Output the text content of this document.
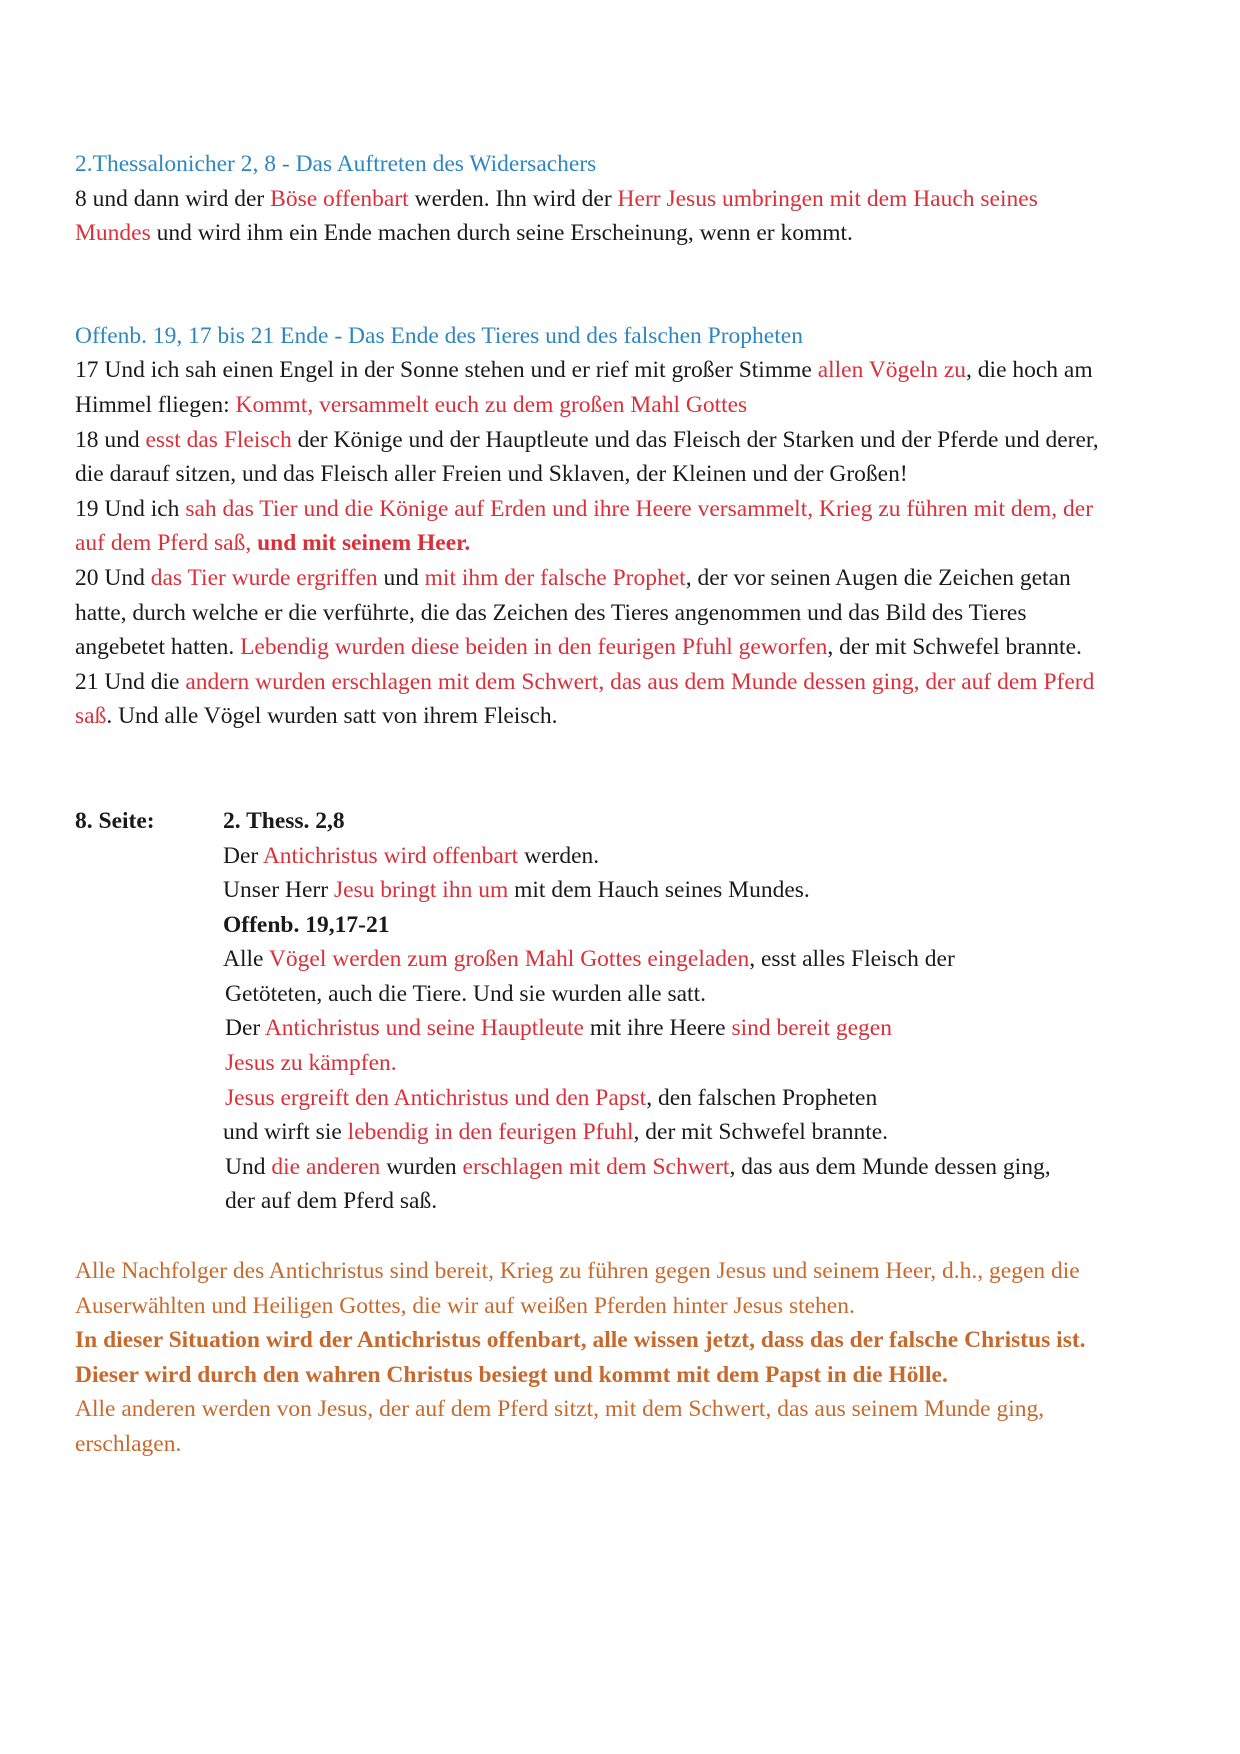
2.Thessalonicher 2, 8 - Das Auftreten des Widersachers
8 und dann wird der Böse offenbart werden. Ihn wird der Herr Jesus umbringen mit dem Hauch seines
Mundes und wird ihm ein Ende machen durch seine Erscheinung, wenn er kommt.
Offenb. 19, 17 bis 21 Ende - Das Ende des Tieres und des falschen Propheten
17 Und ich sah einen Engel in der Sonne stehen und er rief mit großer Stimme allen Vögeln zu, die hoch am
Himmel fliegen: Kommt, versammelt euch zu dem großen Mahl Gottes
18 und esst das Fleisch der Könige und der Hauptleute und das Fleisch der Starken und der Pferde und derer,
die darauf sitzen, und das Fleisch aller Freien und Sklaven, der Kleinen und der Großen!
19 Und ich sah das Tier und die Könige auf Erden und ihre Heere versammelt, Krieg zu führen mit dem, der
auf dem Pferd saß, und mit seinem Heer.
20 Und das Tier wurde ergriffen und mit ihm der falsche Prophet, der vor seinen Augen die Zeichen getan
hatte, durch welche er die verführte, die das Zeichen des Tieres angenommen und das Bild des Tieres
angebetet hatten. Lebendig wurden diese beiden in den feurigen Pfuhl geworfen, der mit Schwefel brannte.
21 Und die andern wurden erschlagen mit dem Schwert, das aus dem Munde dessen ging, der auf dem Pferd
saß. Und alle Vögel wurden satt von ihrem Fleisch.
8. Seite:	2. Thess. 2,8
Der Antichristus wird offenbart werden.
Unser Herr Jesu bringt ihn um mit dem Hauch seines Mundes.
Offenb. 19,17-21
Alle Vögel werden zum großen Mahl Gottes eingeladen, esst alles Fleisch der
Getöteten, auch die Tiere. Und sie wurden alle satt.
Der Antichristus und seine Hauptleute mit ihre Heere sind bereit gegen
Jesus zu kämpfen.
Jesus ergreift den Antichristus und den Papst, den falschen Propheten
und wirft sie lebendig in den feurigen Pfuhl, der mit Schwefel brannte.
Und die anderen wurden erschlagen mit dem Schwert, das aus dem Munde dessen ging,
der auf dem Pferd saß.
Alle Nachfolger des Antichristus sind bereit, Krieg zu führen gegen Jesus und seinem Heer, d.h., gegen die
Auserwählten und Heiligen Gottes, die wir auf weißen Pferden hinter Jesus stehen.
In dieser Situation wird der Antichristus offenbart, alle wissen jetzt, dass das der falsche Christus ist.
Dieser wird durch den wahren Christus besiegt und kommt mit dem Papst in die Hölle.
Alle anderen werden von Jesus, der auf dem Pferd sitzt, mit dem Schwert, das aus seinem Munde ging,
erschlagen.
